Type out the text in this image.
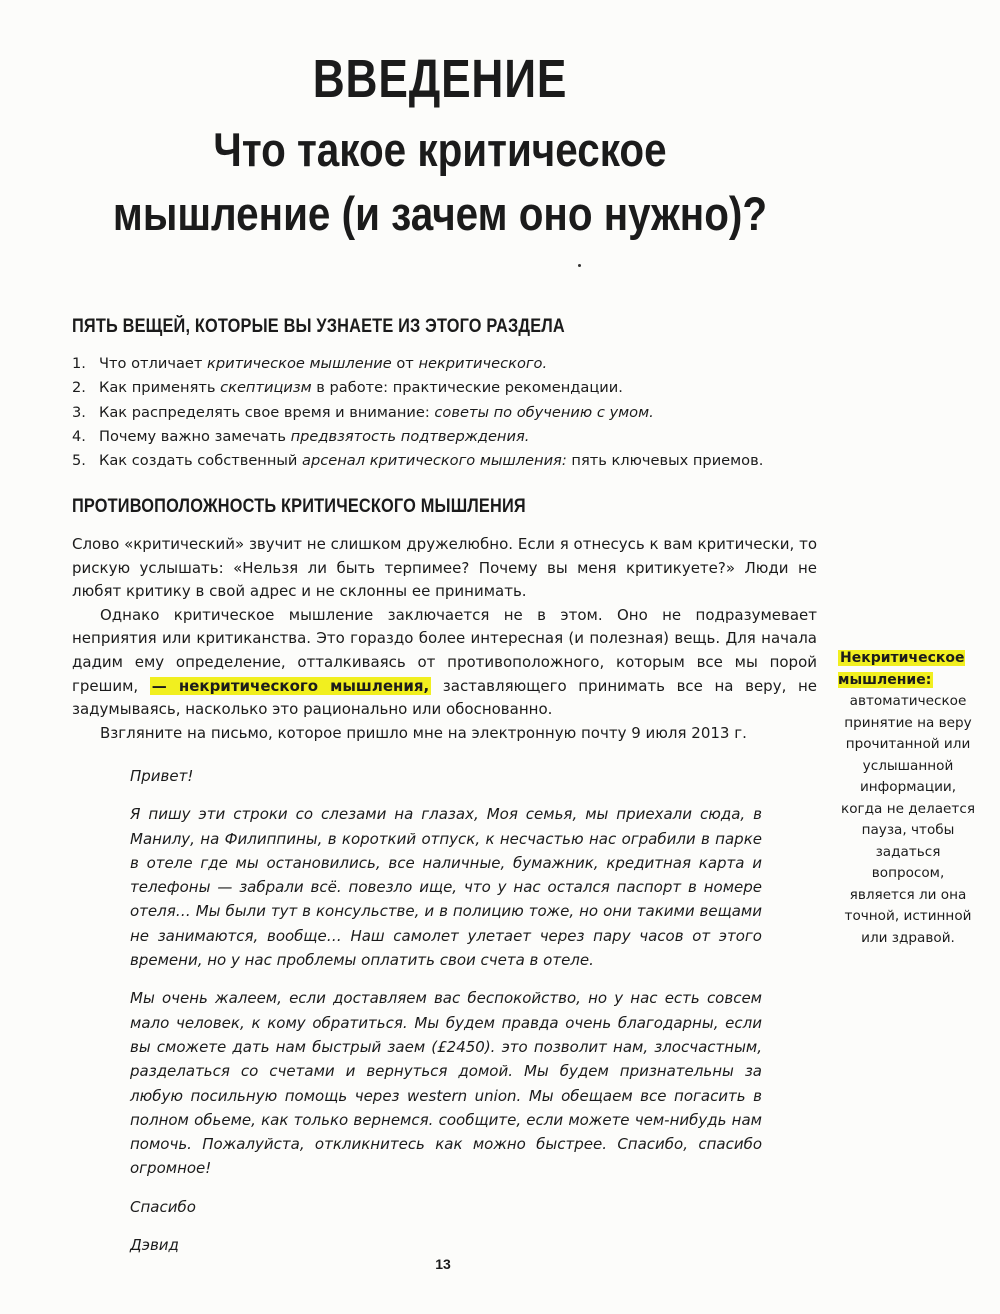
ВВЕДЕНИЕ
Что такое критическое
мышление (и зачем оно нужно)?
ПЯТЬ ВЕЩЕЙ, КОТОРЫЕ ВЫ УЗНАЕТЕ ИЗ ЭТОГО РАЗДЕЛА
1. Что отличает критическое мышление от некритического.
2. Как применять скептицизм в работе: практические рекомендации.
3. Как распределять свое время и внимание: советы по обучению с умом.
4. Почему важно замечать предвзятость подтверждения.
5. Как создать собственный арсенал критического мышления: пять ключевых приемов.
ПРОТИВОПОЛОЖНОСТЬ КРИТИЧЕСКОГО МЫШЛЕНИЯ

Слово «критический» звучит не слишком дружелюбно. Если я отнесусь к вам критически, то рискую услышать: «Нельзя ли быть терпимее? Почему вы меня критикуете?» Люди не любят критику в свой адрес и не склонны ее принимать.

Однако критическое мышление заключается не в этом. Оно не подразумевает неприятия или критиканства. Это гораздо более интересная (и полезная) вещь. Для начала дадим ему определение, отталкиваясь от противоположного, которым все мы порой грешим, — некритического мышления, заставляющего принимать все на веру, не задумываясь, насколько это рационально или обоснованно.

Взгляните на письмо, которое пришло мне на электронную почту 9 июля 2013 г.

Некритическое мышление:
автоматическое принятие на веру прочитанной или услышанной информации, когда не делается пауза, чтобы задаться вопросом, является ли она точной, истинной или здравой.

Привет!

Я пишу эти строки со слезами на глазах, Моя семья, мы приехали сюда, в Манилу, на Филиппины, в короткий отпуск, к несчастью нас ограбили в парке в отеле где мы остановились, все наличные, бумажник, кредитная карта и телефоны — забрали всё. повезло ище, что у нас остался паспорт в номере отеля… Мы были тут в консульстве, и в полицию тоже, но они такими вещами не занимаются, вообще… Наш самолет улетает через пару часов от этого времени, но у нас проблемы оплатить свои счета в отеле.

Мы очень жалеем, если доставляем вас беспокойство, но у нас есть совсем мало человек, к кому обратиться. Мы будем правда очень благодарны, если вы сможете дать нам быстрый заем (£2450). это позволит нам, злосчастным, разделаться со счетами и вернуться домой. Мы будем признательны за любую посильную помощь через western union. Мы обещаем все погасить в полном обьеме, как только вернемся. сообщите, если можете чем-нибудь нам помочь. Пожалуйста, откликнитесь как можно быстрее. Спасибо, спасибо огромное!

Спасибо

Дэвид

13
